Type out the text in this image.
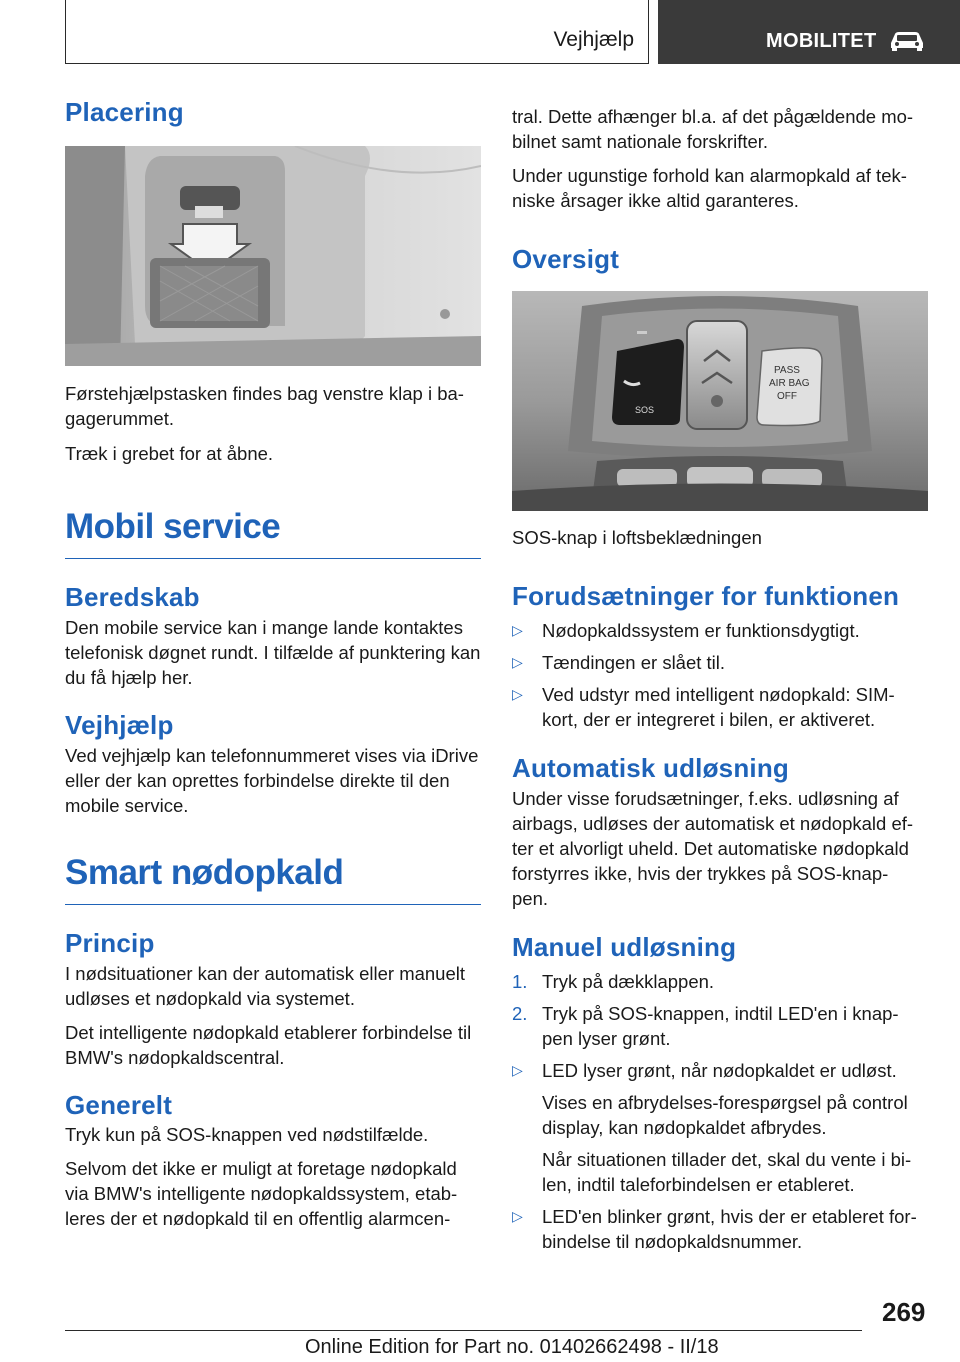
Vejhjælp	MOBILITET
Placering

Førstehjælpstasken findes bag venstre klap i ba‐ gagerummet.

Træk i grebet for at åbne.

Mobil service
Beredskab

Den mobile service kan i mange lande kontaktes telefonisk døgnet rundt. I tilfælde af punktering kan du få hjælp her.

Vejhjælp

Ved vejhjælp kan telefonnummeret vises via iDrive eller der kan oprettes forbindelse direkte til den mobile service.

Smart nødopkald
Princip

I nødsituationer kan der automatisk eller manuelt udløses et nødopkald via systemet.

Det intelligente nødopkald etablerer forbindelse til BMW's nødopkaldscentral.

Generelt

Tryk kun på SOS-knappen ved nødstilfælde.

Selvom det ikke er muligt at foretage nødopkald via BMW's intelligente nødopkaldssystem, etab‐ leres der et nødopkald til en offentlig alarmcen‐

tral. Dette afhænger bl.a. af det pågældende mo‐ bilnet samt nationale forskrifter.

Under ugunstige forhold kan alarmopkald af tek‐ niske årsager ikke altid garanteres.

Oversigt
SOS
PASS
AIR BAG
OFF

SOS-knap i loftsbeklædningen

Forudsætninger for funktionen
▷ Nødopkaldssystem er funktionsdygtigt.
▷ Tændingen er slået til.
▷ Ved udstyr med intelligent nødopkald: SIM‐ kort, der er integreret i bilen, er aktiveret.
Automatisk udløsning

Under visse forudsætninger, f.eks. udløsning af airbags, udløses der automatisk et nødopkald ef‐ ter et alvorligt uheld. Det automatiske nødopkald forstyrres ikke, hvis der trykkes på SOS-knap‐ pen.

Manuel udløsning
1. Tryk på dækklappen.
2. Tryk på SOS-knappen, indtil LED'en i knap‐ pen lyser grønt.
▷ LED lyser grønt, når nødopkaldet er udløst.
Vises en afbrydelses-forespørgsel på control display, kan nødopkaldet afbrydes.
Når situationen tillader det, skal du vente i bi‐ len, indtil taleforbindelsen er etableret.
▷ LED'en blinker grønt, hvis der er etableret for‐ bindelse til nødopkaldsnummer.
269
Online Edition for Part no. 01402662498 - II/18
